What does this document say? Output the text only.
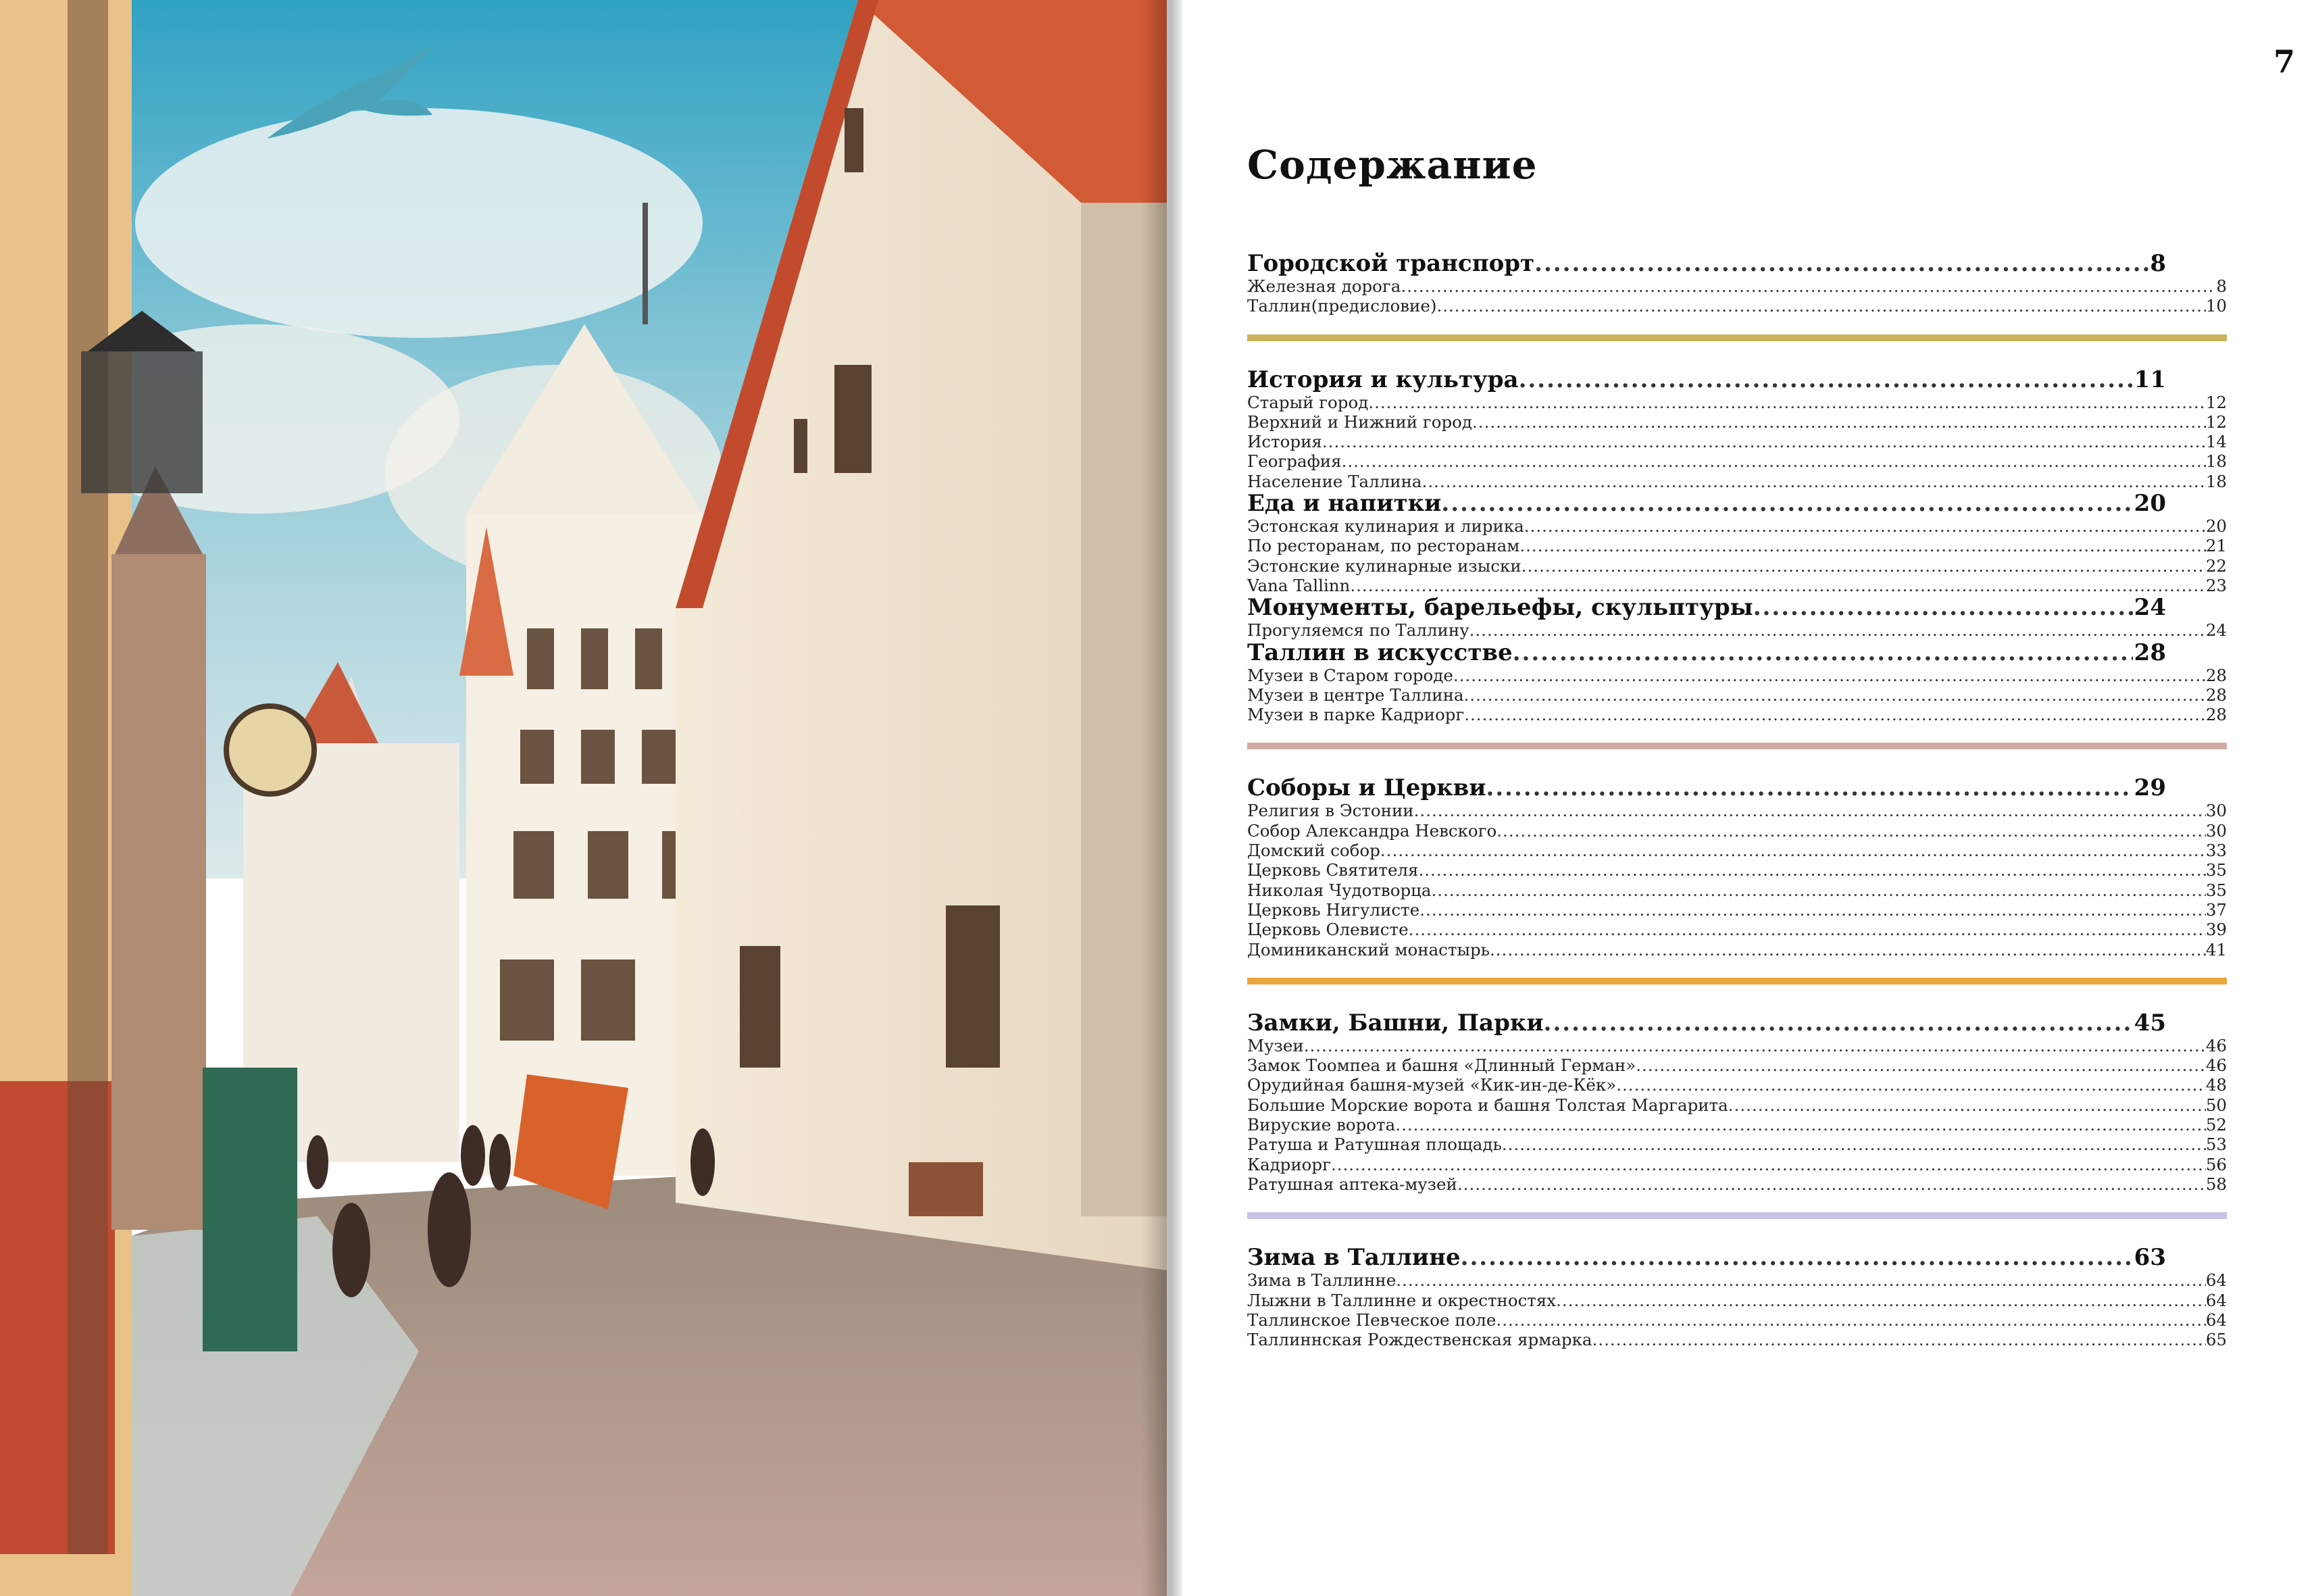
7
Содержание
Городской транспорт .....	8
Железная дорога .....	8
Таллин(предисловие) .....	10
История и культура .....	11
Старый город .....	12
Верхний и Нижний город .....	12
История .....	14
География .....	18
Население Таллина .....	18
Еда и напитки .....	20
Эстонская кулинария и лирика .....	20
По ресторанам, по ресторанам .....	21
Эстонские кулинарные изыски .....	22
Vana Tallinn .....	23
Монументы, барельефы, скульптуры .....	24
Прогуляемся по Таллину .....	24
Таллин в искусстве .....	28
Музеи в Старом городе .....	28
Музеи в центре Таллина .....	28
Музеи в парке Кадриорг .....	28
Соборы и Церкви .....	29
Религия в Эстонии .....	30
Собор Александра Невского .....	30
Домский собор .....	33
Церковь Святителя .....	35
Николая Чудотворца .....	35
Церковь Нигулисте .....	37
Церковь Олевисте .....	39
Доминиканский монастырь .....	41
Замки, Башни, Парки .....	45
Музеи .....	46
Замок Тоомпеа и башня «Длинный Герман» .....	46
Орудийная башня-музей «Кик-ин-де-Кёк» .....	48
Большие Морские ворота и башня Толстая Маргарита .....	50
Вируские ворота .....	52
Ратуша и Ратушная площадь .....	53
Кадриорг .....	56
Ратушная аптека-музей .....	58
Зима в Таллине .....	63
Зима в Таллинне .....	64
Лыжни в Таллинне и окрестностях .....	64
Таллинское Певческое поле .....	64
Таллиннская Рождественская ярмарка .....	65
